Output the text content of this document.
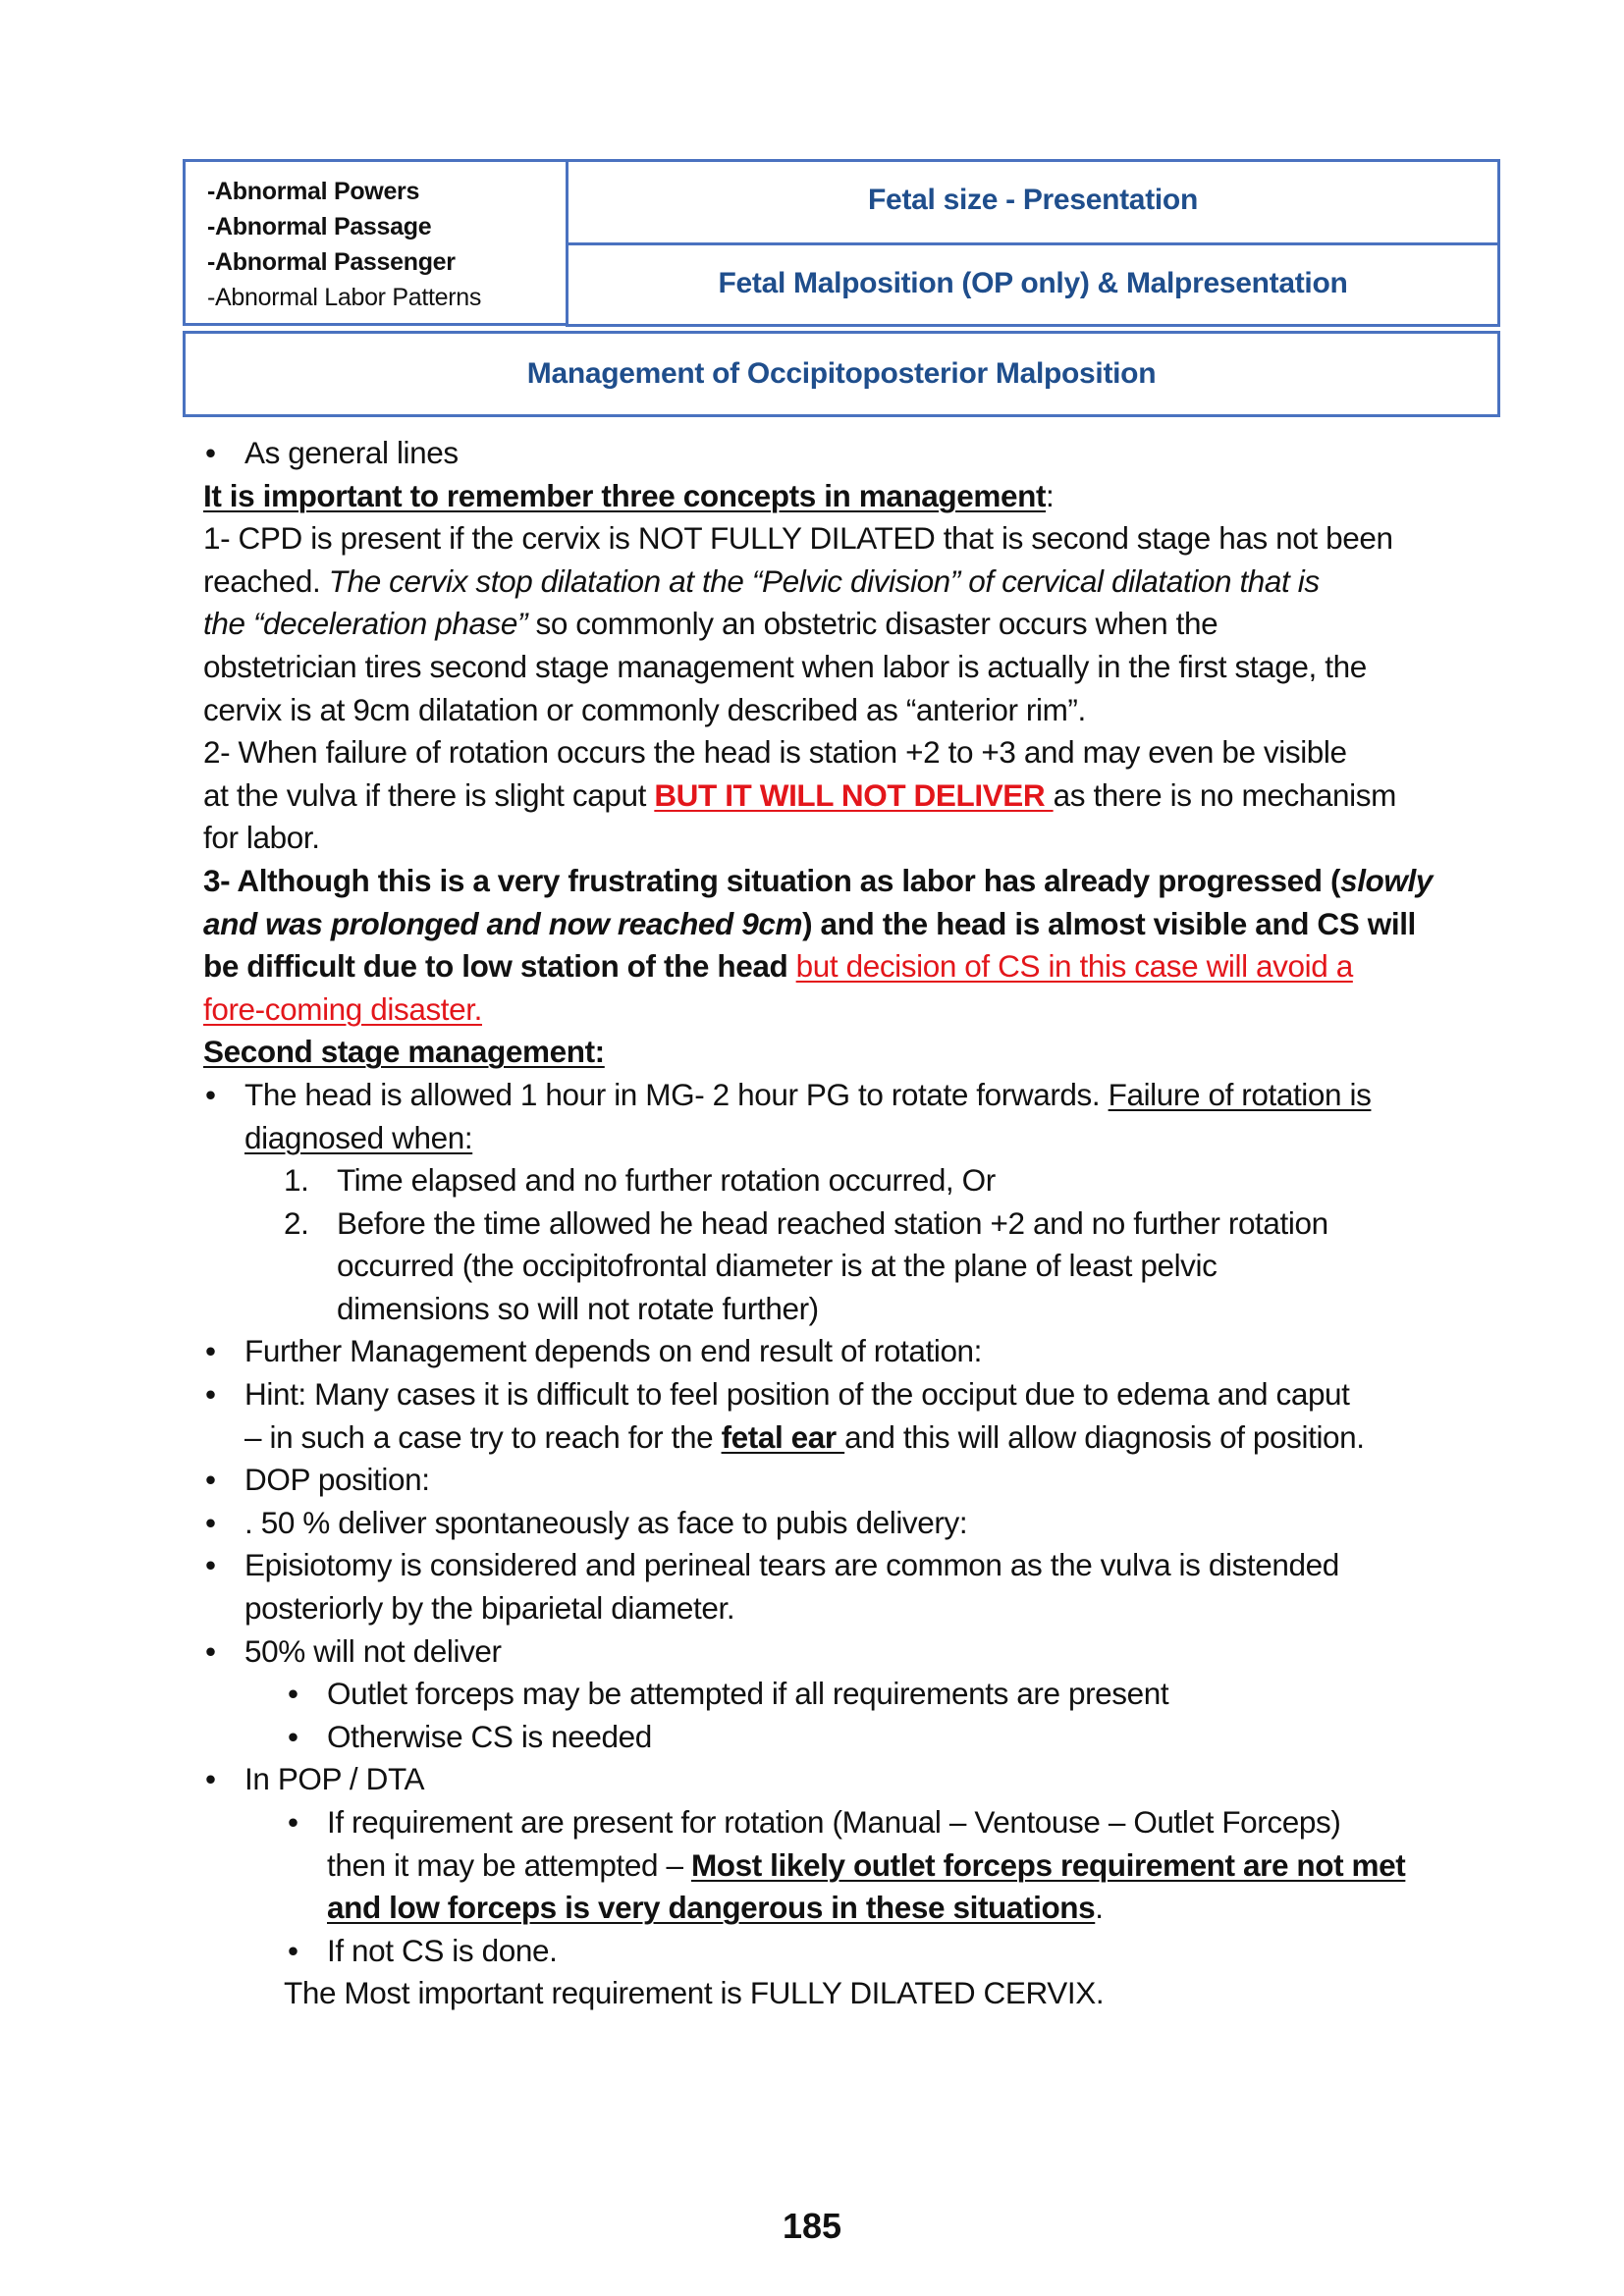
-Abnormal Powers
-Abnormal Passage
-Abnormal Passenger
-Abnormal Labor Patterns
Fetal size - Presentation
Fetal Malposition (OP only) & Malpresentation
Management of Occipitoposterior Malposition
• As general lines
It is important to remember three concepts in management:
1- CPD is present if the cervix is NOT FULLY DILATED that is second stage has not been
reached. The cervix stop dilatation at the “Pelvic division” of cervical dilatation that is
the “deceleration phase” so commonly an obstetric disaster occurs when the
obstetrician tires second stage management when labor is actually in the first stage, the
cervix is at 9cm dilatation or commonly described as “anterior rim”.
2- When failure of rotation occurs the head is station +2 to +3 and may even be visible
at the vulva if there is slight caput BUT IT WILL NOT DELIVER as there is no mechanism
for labor.
3- Although this is a very frustrating situation as labor has already progressed (slowly
and was prolonged and now reached 9cm) and the head is almost visible and CS will
be difficult due to low station of the head but decision of CS in this case will avoid a
fore-coming disaster.
Second stage management:
• The head is allowed 1 hour in MG- 2 hour PG to rotate forwards. Failure of rotation is
diagnosed when:
1. Time elapsed and no further rotation occurred, Or
2. Before the time allowed he head reached station +2 and no further rotation
occurred (the occipitofrontal diameter is at the plane of least pelvic
dimensions so will not rotate further)
• Further Management depends on end result of rotation:
• Hint: Many cases it is difficult to feel position of the occiput due to edema and caput
– in such a case try to reach for the fetal ear and this will allow diagnosis of position.
• DOP position:
• . 50 % deliver spontaneously as face to pubis delivery:
• Episiotomy is considered and perineal tears are common as the vulva is distended
posteriorly by the biparietal diameter.
• 50% will not deliver
• Outlet forceps may be attempted if all requirements are present
• Otherwise CS is needed
• In POP / DTA
• If requirement are present for rotation (Manual – Ventouse – Outlet Forceps)
then it may be attempted – Most likely outlet forceps requirement are not met
and low forceps is very dangerous in these situations.
• If not CS is done.
The Most important requirement is FULLY DILATED CERVIX.
185
